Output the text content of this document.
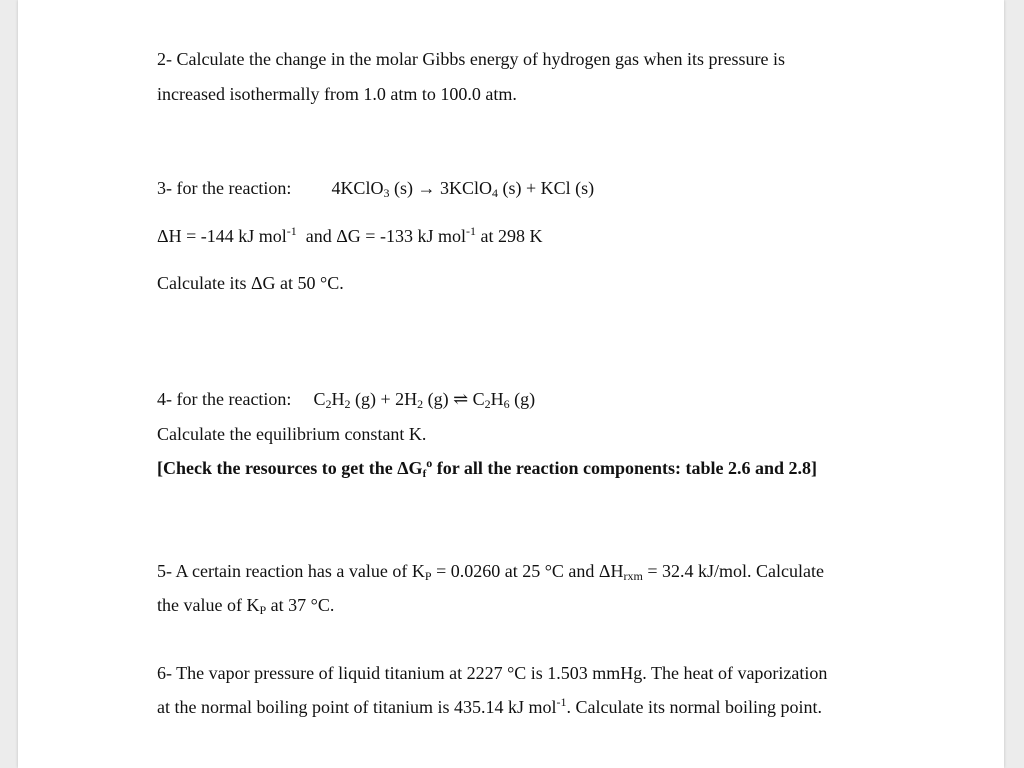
2- Calculate the change in the molar Gibbs energy of hydrogen gas when its pressure is
increased isothermally from 1.0 atm to 100.0 atm.
3- for the reaction: 4KClO$_3$ (s) → 3KClO$_4$ (s) + KCl (s)
ΔH = -144 kJ mol$^{-1}$ and ΔG = -133 kJ mol$^{-1}$ at 298 K
Calculate its ΔG at 50 °C.
4- for the reaction: $C_2H_2$ $(g) + 2H_2$ (g) ⇌ $C_2H_6$ (g)
Calculate the equilibrium constant K.
[Check the resources to get the $\Delta G_f^o$ for all the reaction components: table 2.6 and 2.8]
5- A certain reaction has a value of $K_P = 0.0260$ at 25 °C and $\Delta H_{rxm} = 32.4$ kJ/mol. Calculate
the value of $K_P$ at 37 °C.
6- The vapor pressure of liquid titanium at 2227 °C is 1.503 mmHg. The heat of vaporization
at the normal boiling point of titanium is 435.14 kJ mol$^{-1}$. Calculate its normal boiling point.
